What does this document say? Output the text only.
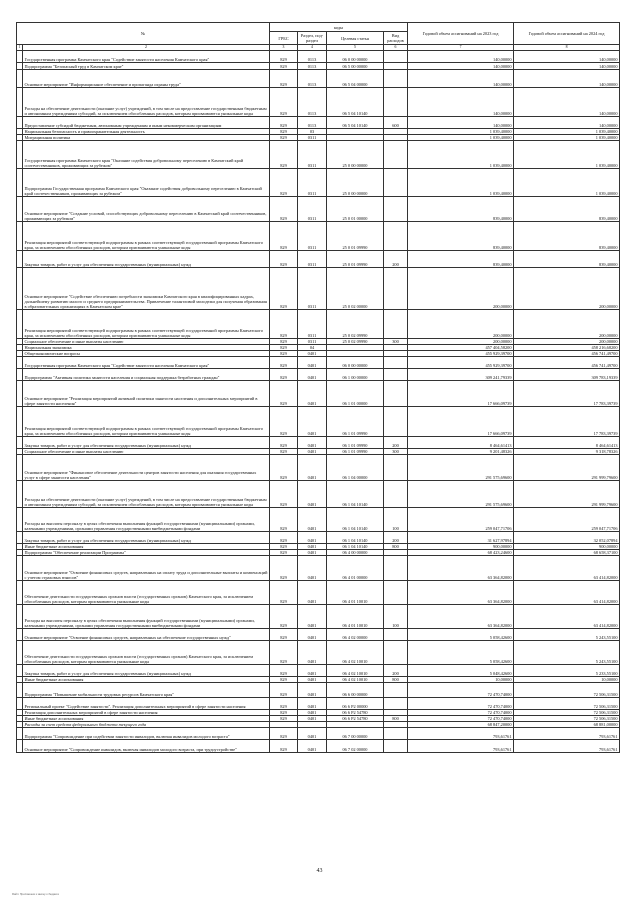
№		коды				Годовой объем ассигнований на 2023 год	Годовой объем ассигнований на 2024 год
		ГРБС	Раздел, под-раздел	Целевая статья	Вид расходов		
1	2	3	4	5	6	7	8
	Государственная программа Камчатского края "Содействие занятости населения Камчатского края"	829	0113	06 0 00 00000		140,00000	140,00000
	Подпрограмма "Безопасный труд в Камчатском крае"	829	0113	06 5 00 00000		140,00000	140,00000
	Основное мероприятие "Информационное обеспечение и пропаганда охраны труда"	829	0113	06 5 04 00000		140,00000	140,00000
	Расходы на обеспечение деятельности (оказание услуг) учреждений, в том числе на предоставление государственным бюджетным и автономным учреждениям субсидий, за исключением обособленных расходов, которым присваиваются уникальные коды	829	0113	06 5 04 10140		140,00000	140,00000
	Предоставление субсидий бюджетным, автономным учреждениям и иным некоммерческим организациям	829	0113	06 5 04 10140	600	140,00000	140,00000
	Национальная безопасность и правоохранительная деятельность	829	03			1 039,40000	1 039,40000
	Миграционная политика	829	0311			1 039,40000	1 039,40000
	Государственная программа Камчатского края "Оказание содействия добровольному переселению в Камчатский край соотечественников, проживающих за рубежом"	829	0311	25 0 00 00000		1 039,40000	1 039,40000
	Подпрограмма Государственная программа Камчатского края "Оказание содействия добровольному переселению в Камчатский край соотечественников, проживающих за рубежом"	829	0311	25 0 00 00000		1 039,40000	1 039,40000
	Основное мероприятие "Создание условий, способствующих добровольному переселению в Камчатский край соотечественников, проживающих за рубежом"	829	0311	25 0 01 00000		839,40000	839,40000
	Реализация мероприятий соответствующей подпрограммы в рамках соответствующей государственной программы Камчатского края, за исключением обособленных расходов, которым присваиваются уникальные коды	829	0311	25 0 01 09990		839,40000	839,40000
	Закупка товаров, работ и услуг для обеспечения государственных (муниципальных) нужд	829	0311	25 0 01 09990	200	839,40000	839,40000
	Основное мероприятие "Содействие обеспечению потребности экономики Камчатского края в квалифицированных кадрах, дальнейшему развитию малого и среднего предпринимательства. Привлечение талантливой молодежи для получения образования в образовательных организациях в Камчатском крае"	829	0311	25 0 02 00000		200,00000	200,00000
	Реализация мероприятий соответствующей подпрограммы в рамках соответствующей государственной программы Камчатского края, за исключением обособленных расходов, которым присваиваются уникальные коды	829	0311	25 0 02 09990		200,00000	200,00000
	Социальное обеспечение и иные выплаты населению	829	0311	25 0 02 09990	300	200,00000	200,00000
	Национальная экономика	829	04			457 404,58200	458 216,68200
	Общеэкономические вопросы	829	0401			455 929,39700	456 741,49700
	Государственная программа Камчатского края "Содействие занятости населения Камчатского края"	829	0401	06 0 00 00000		455 929,39700	456 741,49700
	Подпрограмма "Активная политика занятости населения и социальная поддержка безработных граждан"	829	0401	06 1 00 00000		309 241,79339	309 783,19339
	Основное мероприятие "Реализация мероприятий активной политики занятости населения и дополнительных мероприятий в сфере занятости населения"	829	0401	06 1 01 00000		17 666,09739	17 783,39739
	Реализация мероприятий соответствующей подпрограммы в рамках соответствующей государственной программы Камчатского края, за исключением обособленных расходов, которым присваиваются уникальные коды	829	0401	06 1 01 09990		17 666,09739	17 783,39739
	Закупка товаров, работ и услуг для обеспечения государственных (муниципальных) нужд	829	0401	06 1 01 09990	200	8 464,61413	8 464,61413
	Социальное обеспечение и иные выплаты населению	829	0401	06 1 01 09990	300	9 201,48326	9 318,78326
	Основное мероприятие "Финансовое обеспечение деятельности центров занятости населения для оказания государственных услуг в сфере занятости населения"	829	0401	06 1 04 00000		291 575,69600	291 999,79600
	Расходы на обеспечение деятельности (оказание услуг) учреждений, в том числе на предоставление государственным бюджетным и автономным учреждениям субсидий, за исключением обособленных расходов, которым присваиваются уникальные коды	829	0401	06 1 04 10140		291 575,69600	291 999,79600
	Расходы на выплаты персоналу в целях обеспечения выполнения функций государственными (муниципальными) органами, казенными учреждениями, органами управления государственными внебюджетными фондами	829	0401	06 1 04 10140	100	259 047,71706	259 047,71706
	Закупка товаров, работ и услуг для обеспечения государственных (муниципальных) нужд	829	0401	06 1 04 10140	200	31 627,97894	32 052,07894
	Иные бюджетные ассигнования	829	0401	06 1 04 10140	800	900,00000	900,00000
	Подпрограмма "Обеспечение реализации Программы"	829	0401	06 4 00 00000		68 423,24600	68 658,37100
	Основное мероприятие "Освоение финансовых средств, направленных на оплату труда и дополнительные выплаты и компенсаций с учетом страховых взносов"	829	0401	06 4 01 00000		63 364,82000	63 414,82000
	Обеспечение деятельности государственных органов власти (государственных органов) Камчатского края, за исключением обособленных расходов, которым присваиваются уникальные коды	829	0401	06 4 01 10010		63 364,82000	63 414,82000
	Расходы на выплаты персоналу в целях обеспечения выполнения функций государственными (муниципальными) органами, казенными учреждениями, органами управления государственными внебюджетными фондами	829	0401	06 4 01 10010	100	63 364,82000	63 414,82000
	Основное мероприятие "Освоение финансовых средств, направленных на обеспечение государственных нужд"	829	0401	06 4 02 00000		5 058,42600	5 243,55100
	Обеспечение деятельности государственных органов власти (государственных органов) Камчатского края, за исключением обособленных расходов, которым присваиваются уникальные коды	829	0401	06 4 02 10010		5 058,42600	5 243,55100
	Закупка товаров, работ и услуг для обеспечения государственных (муниципальных) нужд	829	0401	06 4 02 10010	200	5 048,42600	5 233,55100
	Иные бюджетные ассигнования	829	0401	06 4 02 10010	800	10,00000	10,00000
	Подпрограмма "Повышение мобильности трудовых ресурсов Камчатского края"	829	0401	06 6 00 00000		72 470,74000	72 506,31500
	Региональный проект "Содействие занятости". Реализация дополнительных мероприятий в сфере занятости населения	829	0401	06 6 P2 00000		72 470,74000	72 506,31500
	Реализация дополнительных мероприятий в сфере занятости населения	829	0401	06 6 P2 54780		72 470,74000	72 506,31500
	Иные бюджетные ассигнования	829	0401	06 6 P2 54780	800	72 470,74000	72 506,31500
	Расходы за счет средств федерального бюджета текущего года					68 847,20000	68 881,00000
	Подпрограмма "Сопровождение при содействии занятости инвалидов, включая инвалидов молодого возраста"	829	0401	06 7 00 00000		793,61761	793,61761
	Основное мероприятие "Сопровождение инвалидов, включая инвалидов молодого возраста, при трудоустройстве"	829	0401	06 7 02 00000		793,61761	793,61761
43
Файл: Приложение к закону о бюджете
